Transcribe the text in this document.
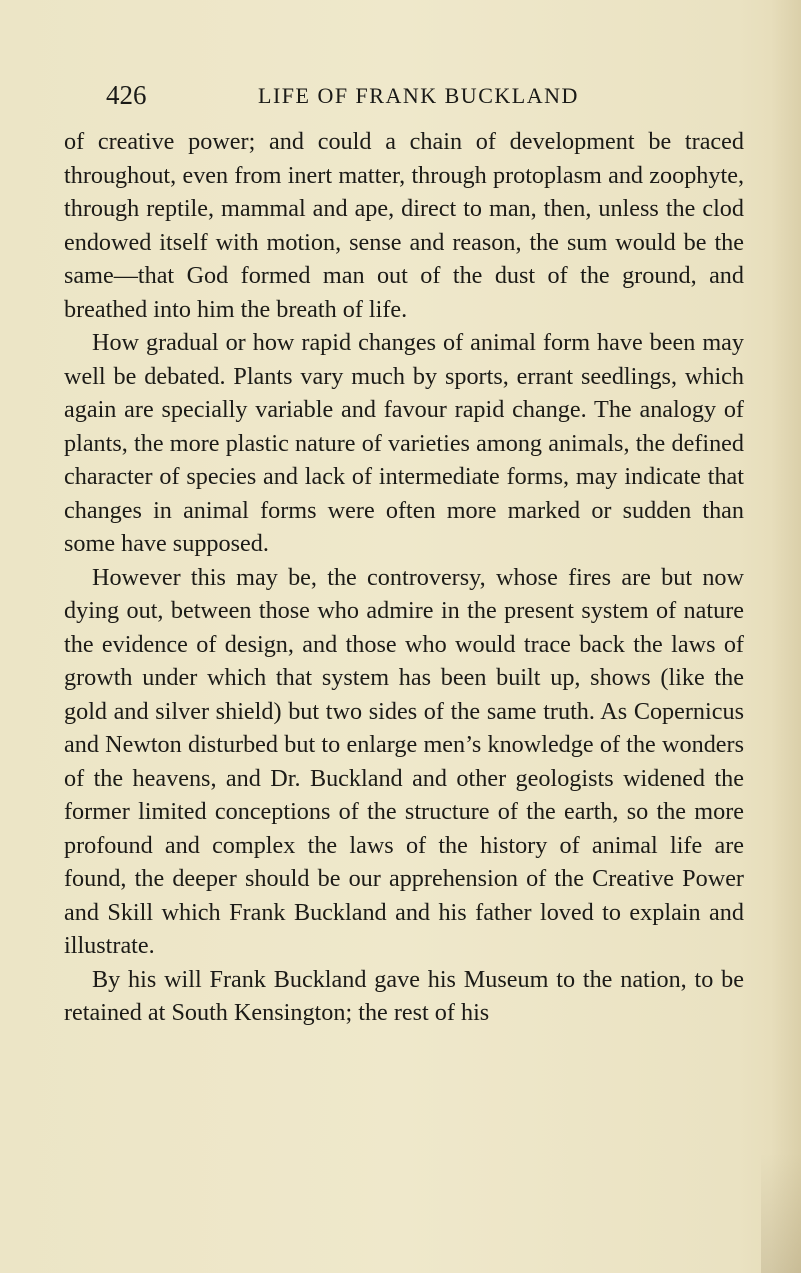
426	LIFE OF FRANK BUCKLAND

of creative power; and could a chain of development be traced throughout, even from inert matter, through protoplasm and zoophyte, through reptile, mammal and ape, direct to man, then, unless the clod endowed itself with motion, sense and reason, the sum would be the same—that God formed man out of the dust of the ground, and breathed into him the breath of life.

How gradual or how rapid changes of animal form have been may well be debated. Plants vary much by sports, errant seedlings, which again are specially variable and favour rapid change. The analogy of plants, the more plastic nature of varieties among animals, the defined character of species and lack of intermediate forms, may indicate that changes in animal forms were often more marked or sudden than some have supposed.

However this may be, the controversy, whose fires are but now dying out, between those who admire in the present system of nature the evidence of design, and those who would trace back the laws of growth under which that system has been built up, shows (like the gold and silver shield) but two sides of the same truth. As Copernicus and Newton disturbed but to enlarge men’s knowledge of the wonders of the heavens, and Dr. Buckland and other geologists widened the former limited conceptions of the structure of the earth, so the more profound and complex the laws of the history of animal life are found, the deeper should be our apprehension of the Creative Power and Skill which Frank Buckland and his father loved to explain and illustrate.

By his will Frank Buckland gave his Museum to the nation, to be retained at South Kensington; the rest of his
